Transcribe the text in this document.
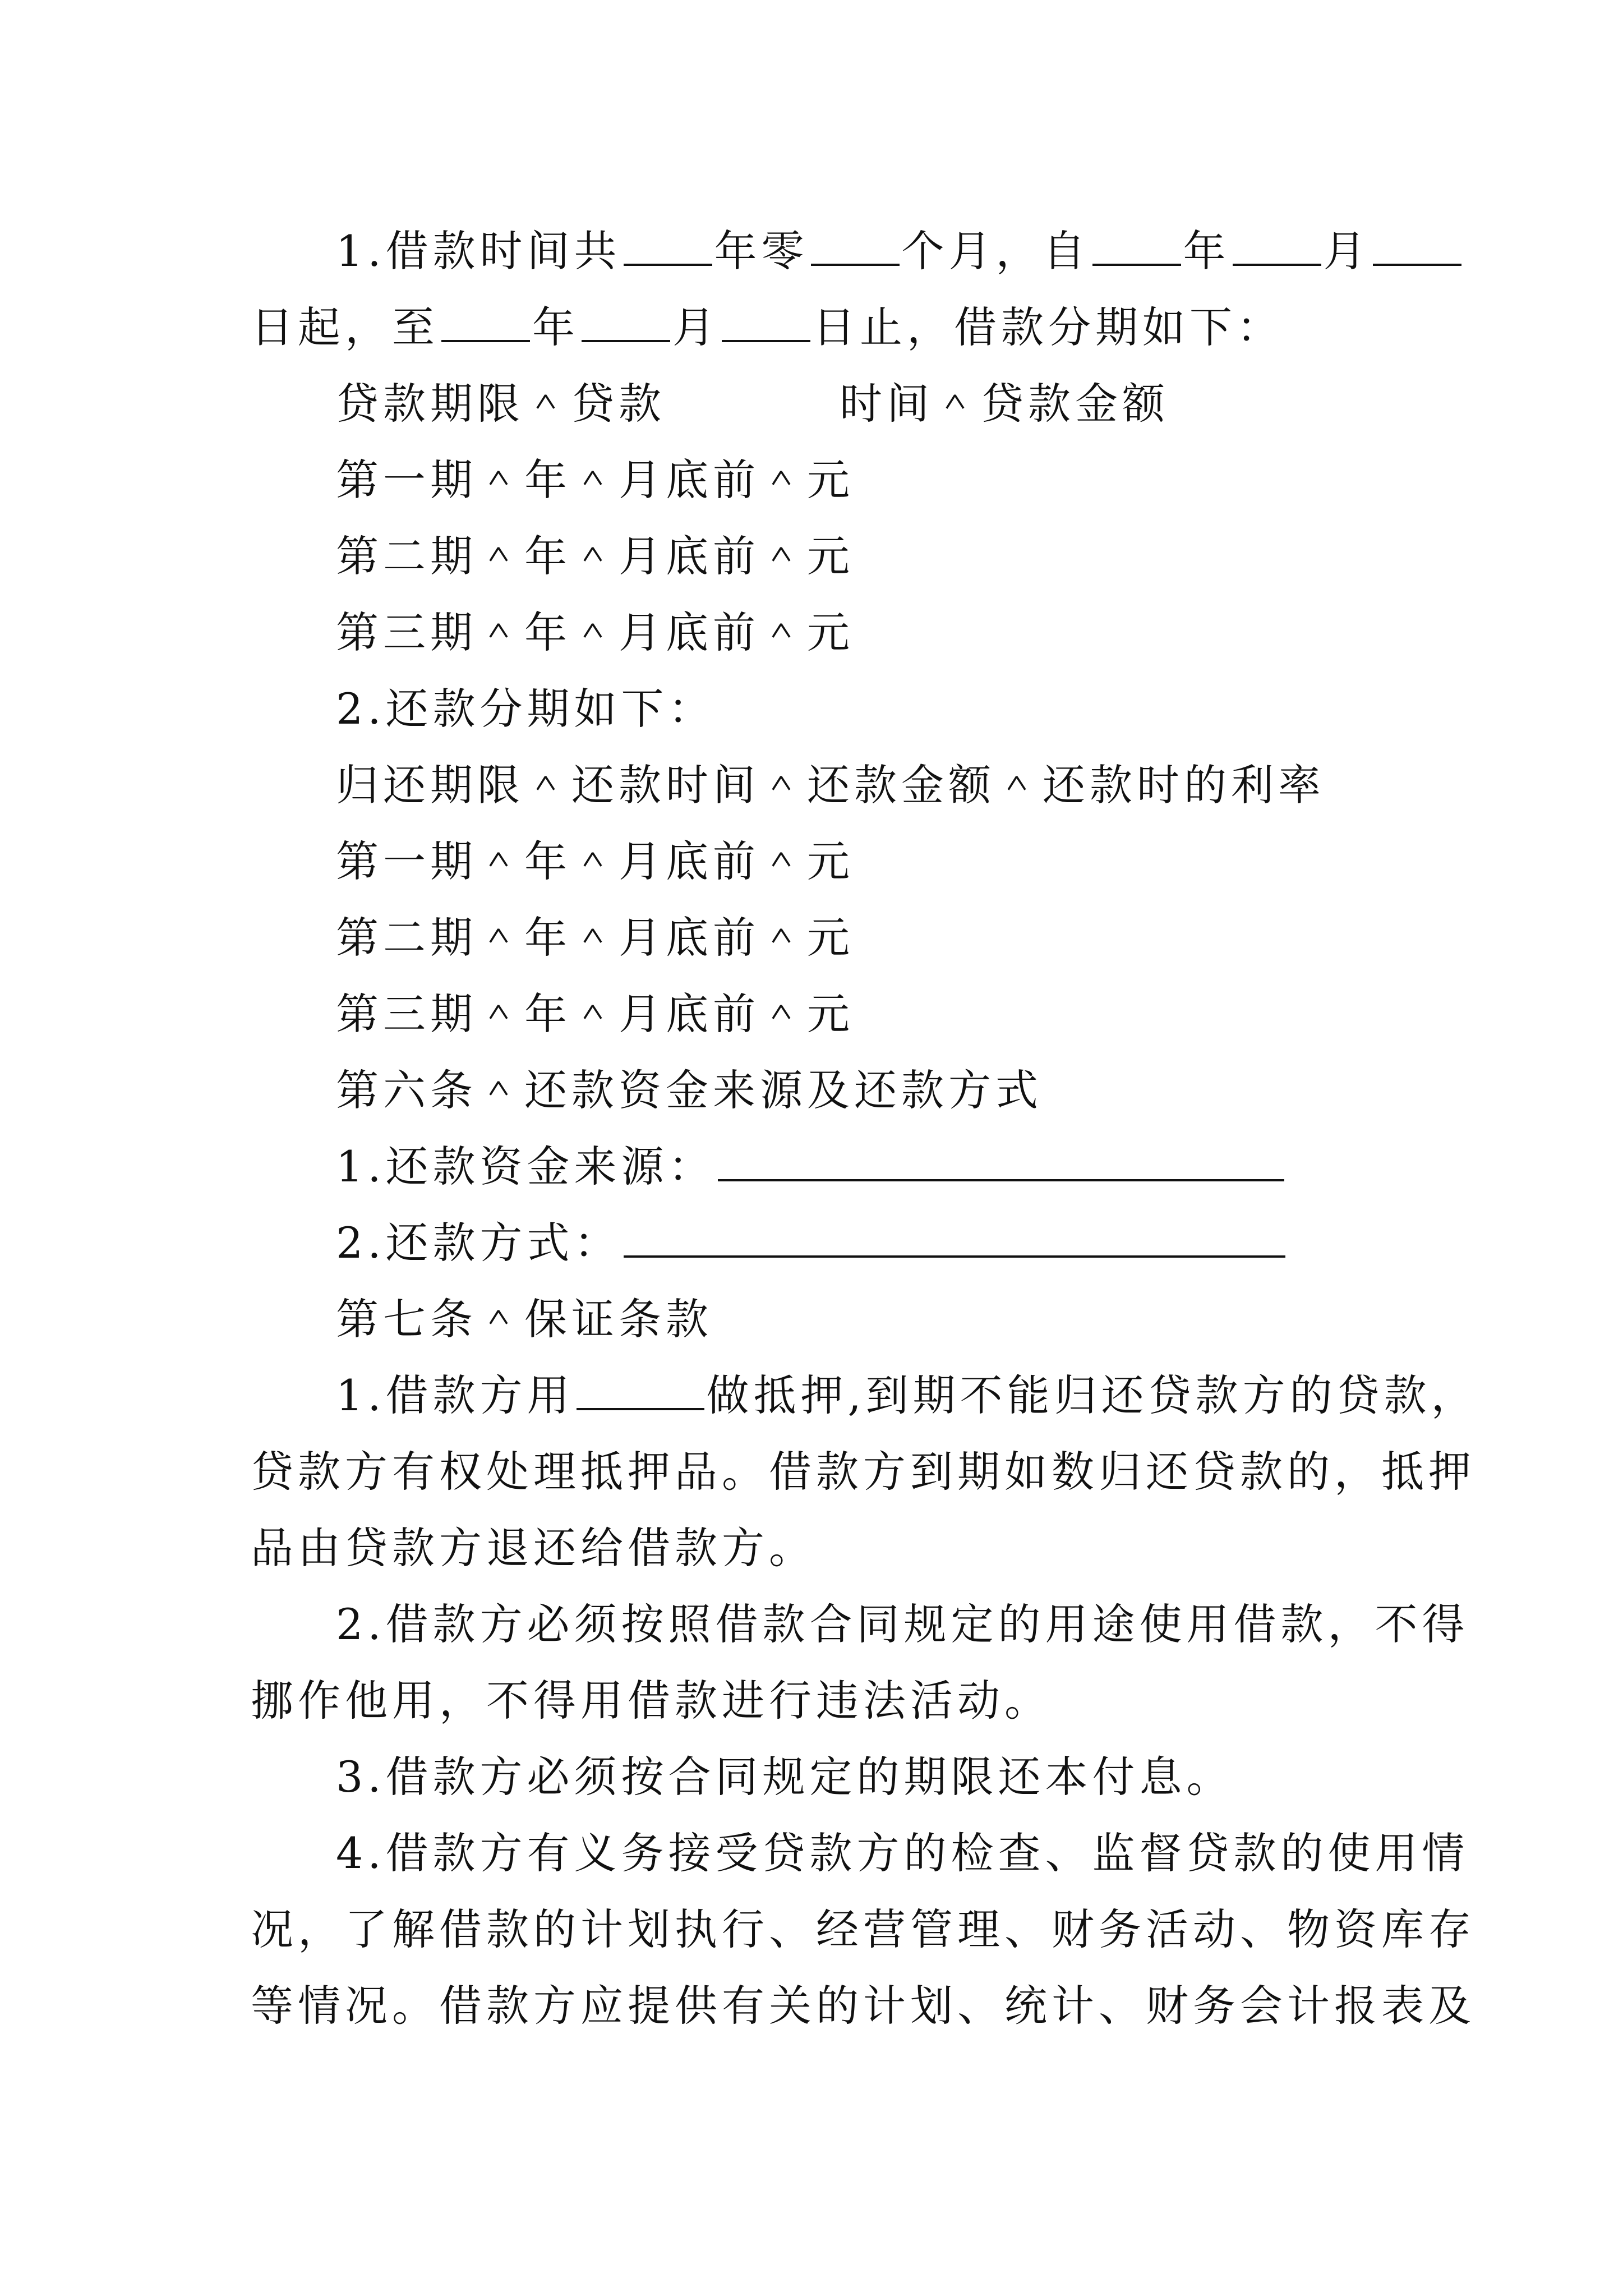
1.借款时间共 年零 个月，自 年 月
日起，至 年 月 日止，借款分期如下：
贷款期限＾贷款	时间＾贷款金额
第一期＾年＾月底前＾元
第二期＾年＾月底前＾元
第三期＾年＾月底前＾元
2.还款分期如下：
归还期限＾还款时间＾还款金额＾还款时的利率
第一期＾年＾月底前＾元
第二期＾年＾月底前＾元
第三期＾年＾月底前＾元
第六条＾还款资金来源及还款方式
1.还款资金来源：
2.还款方式：
第七条＾保证条款
1.借款方用	做抵押,到期不能归还贷款方的贷款，
贷款方有权处理抵押品。借款方到期如数归还贷款的，抵押
品由贷款方退还给借款方。
2.借款方必须按照借款合同规定的用途使用借款，不得
挪作他用，不得用借款进行违法活动。
3.借款方必须按合同规定的期限还本付息。
4.借款方有义务接受贷款方的检查、监督贷款的使用情
况，了解借款的计划执行、经营管理、财务活动、物资库存
等情况。借款方应提供有关的计划、统计、财务会计报表及
